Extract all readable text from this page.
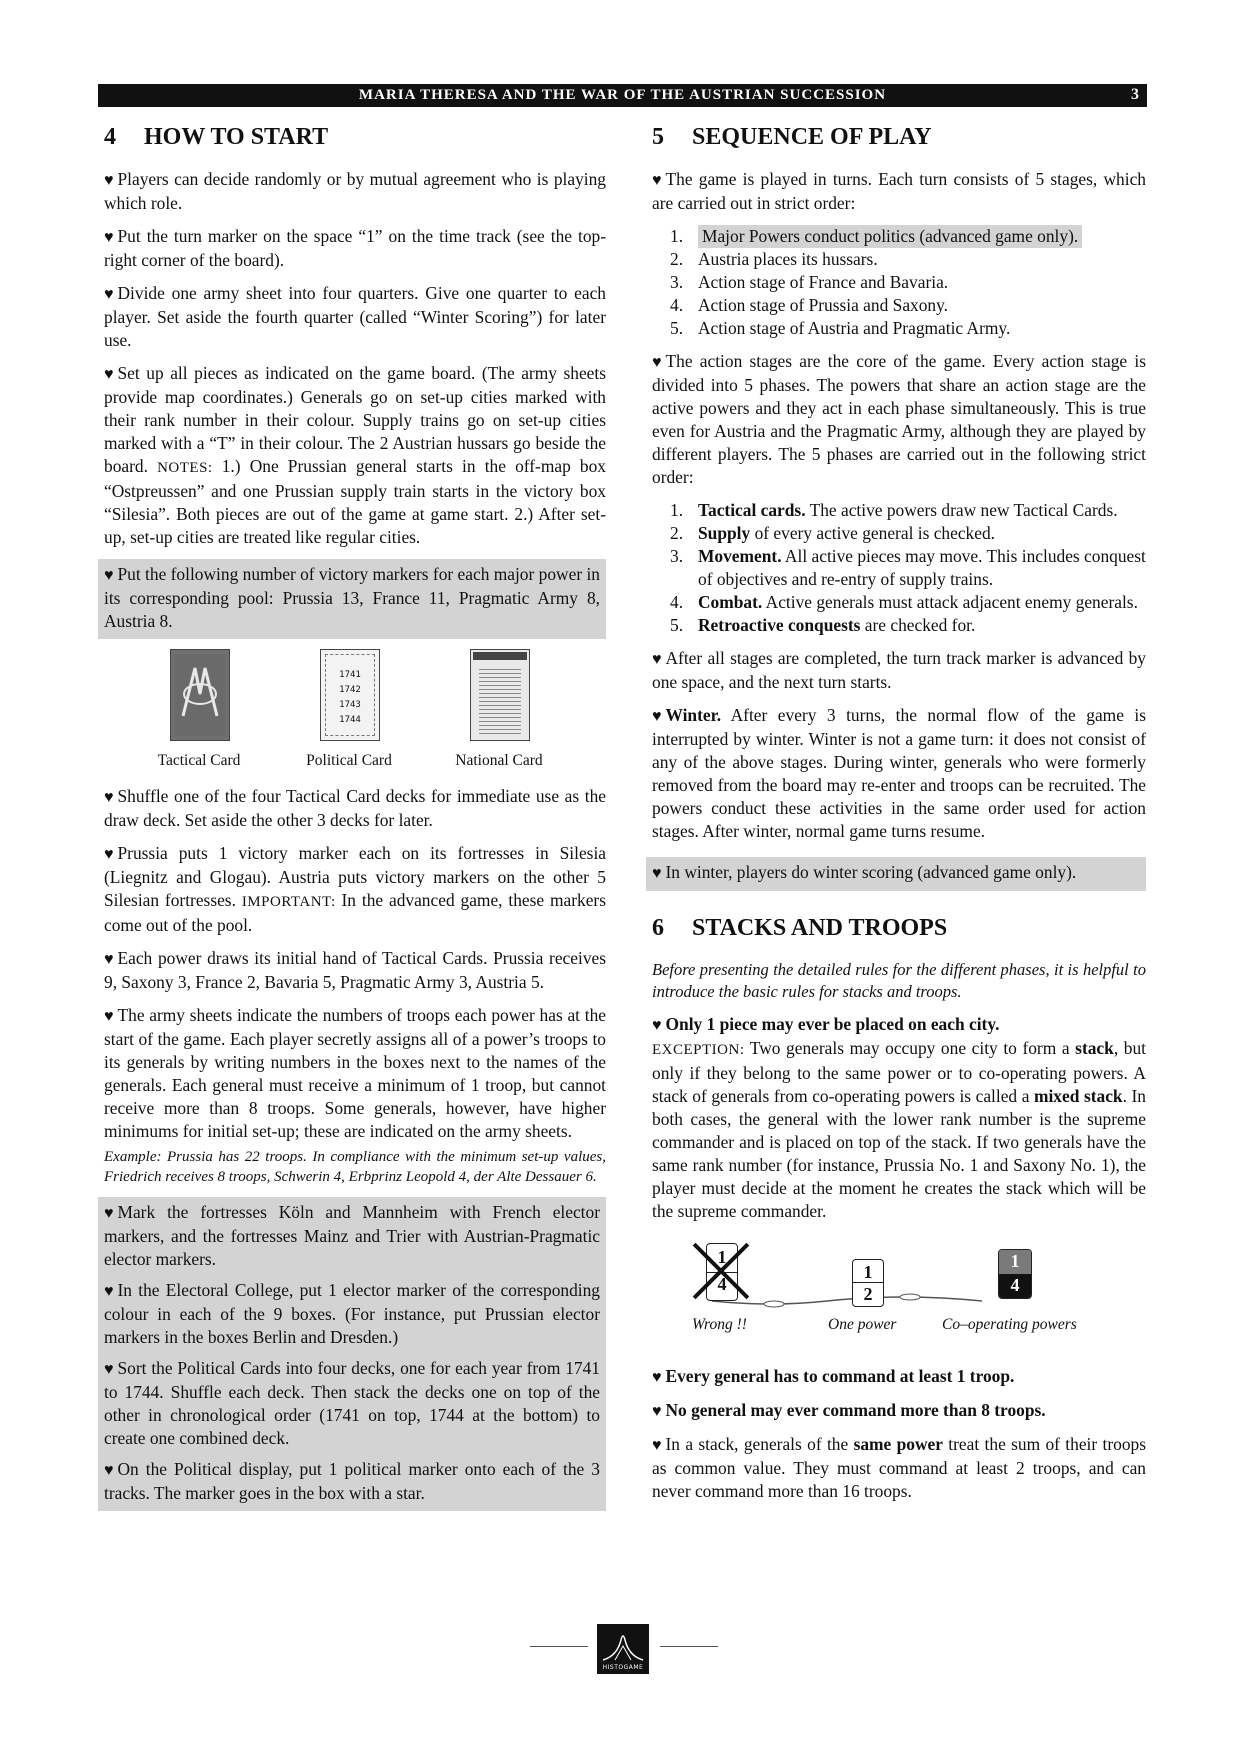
MARIA THERESA AND THE WAR OF THE AUSTRIAN SUCCESSION	3
4 HOW TO START

♥ Players can decide randomly or by mutual agreement who is playing which role.

♥ Put the turn marker on the space “1” on the time track (see the top-right corner of the board).

♥ Divide one army sheet into four quarters. Give one quarter to each player. Set aside the fourth quarter (called “Winter Scoring”) for later use.

♥ Set up all pieces as indicated on the game board. (The army sheets provide map coordinates.) Generals go on set-up cities marked with their rank number in their colour. Supply trains go on set-up cities marked with a “T” in their colour. The 2 Austrian hussars go beside the board. NOTES: 1.) One Prussian general starts in the off-map box “Ostpreussen” and one Prussian supply train starts in the victory box “Silesia”. Both pieces are out of the game at game start. 2.) After set-up, set-up cities are treated like regular cities.

♥ Put the following number of victory markers for each major power in its corresponding pool: Prussia 13, France 11, Pragmatic Army 8, Austria 8.

1741
1742
1743
1744
Tactical Card	Political Card	National Card

♥ Shuffle one of the four Tactical Card decks for immediate use as the draw deck. Set aside the other 3 decks for later.

♥ Prussia puts 1 victory marker each on its fortresses in Silesia (Liegnitz and Glogau). Austria puts victory markers on the other 5 Silesian fortresses. IMPORTANT: In the advanced game, these markers come out of the pool.

♥ Each power draws its initial hand of Tactical Cards. Prussia receives 9, Saxony 3, France 2, Bavaria 5, Pragmatic Army 3, Austria 5.

♥ The army sheets indicate the numbers of troops each power has at the start of the game. Each player secretly assigns all of a power’s troops to its generals by writing numbers in the boxes next to the names of the generals. Each general must receive a minimum of 1 troop, but cannot receive more than 8 troops. Some generals, however, have higher minimums for initial set-up; these are indicated on the army sheets.

Example: Prussia has 22 troops. In compliance with the minimum set-up values, Friedrich receives 8 troops, Schwerin 4, Erbprinz Leopold 4, der Alte Dessauer 6.

♥ Mark the fortresses Köln and Mannheim with French elector markers, and the fortresses Mainz and Trier with Austrian-Pragmatic elector markers.

♥ In the Electoral College, put 1 elector marker of the corresponding colour in each of the 9 boxes. (For instance, put Prussian elector markers in the boxes Berlin and Dresden.)

♥ Sort the Political Cards into four decks, one for each year from 1741 to 1744. Shuffle each deck. Then stack the decks one on top of the other in chronological order (1741 on top, 1744 at the bottom) to create one combined deck.

♥ On the Political display, put 1 political marker onto each of the 3 tracks. The marker goes in the box with a star.

5 SEQUENCE OF PLAY

♥ The game is played in turns. Each turn consists of 5 stages, which are carried out in strict order:

1. Major Powers conduct politics (advanced game only).
2. Austria places its hussars.
3. Action stage of France and Bavaria.
4. Action stage of Prussia and Saxony.
5. Action stage of Austria and Pragmatic Army.

♥ The action stages are the core of the game. Every action stage is divided into 5 phases. The powers that share an action stage are the active powers and they act in each phase simultaneously. This is true even for Austria and the Pragmatic Army, although they are played by different players. The 5 phases are carried out in the following strict order:

1. Tactical cards. The active powers draw new Tactical Cards.
2. Supply of every active general is checked.
3. Movement. All active pieces may move. This includes conquest of objectives and re-entry of supply trains.
4. Combat. Active generals must attack adjacent enemy generals.
5. Retroactive conquests are checked for.

♥ After all stages are completed, the turn track marker is advanced by one space, and the next turn starts.

♥ Winter. After every 3 turns, the normal flow of the game is interrupted by winter. Winter is not a game turn: it does not consist of any of the above stages. During winter, generals who were formerly removed from the board may re-enter and troops can be recruited. The powers conduct these activities in the same order used for action stages. After winter, normal game turns resume.

♥ In winter, players do winter scoring (advanced game only).

6 STACKS AND TROOPS
Before presenting the detailed rules for the different phases, it is helpful to introduce the basic rules for stacks and troops.

♥ Only 1 piece may ever be placed on each city.

EXCEPTION: Two generals may occupy one city to form a stack, but only if they belong to the same power or to co-operating powers. A stack of generals from co-operating powers is called a mixed stack. In both cases, the general with the lower rank number is the supreme commander and is placed on top of the stack. If two generals have the same rank number (for instance, Prussia No. 1 and Saxony No. 1), the player must decide at the moment he creates the stack which will be the supreme commander.

1
4
1
2
1
4
Wrong !!	One power	Co–operating powers

♥ Every general has to command at least 1 troop.

♥ No general may ever command more than 8 troops.

♥ In a stack, generals of the same power treat the sum of their troops as common value. They must command at least 2 troops, and can never command more than 16 troops.

HISTOGAME
